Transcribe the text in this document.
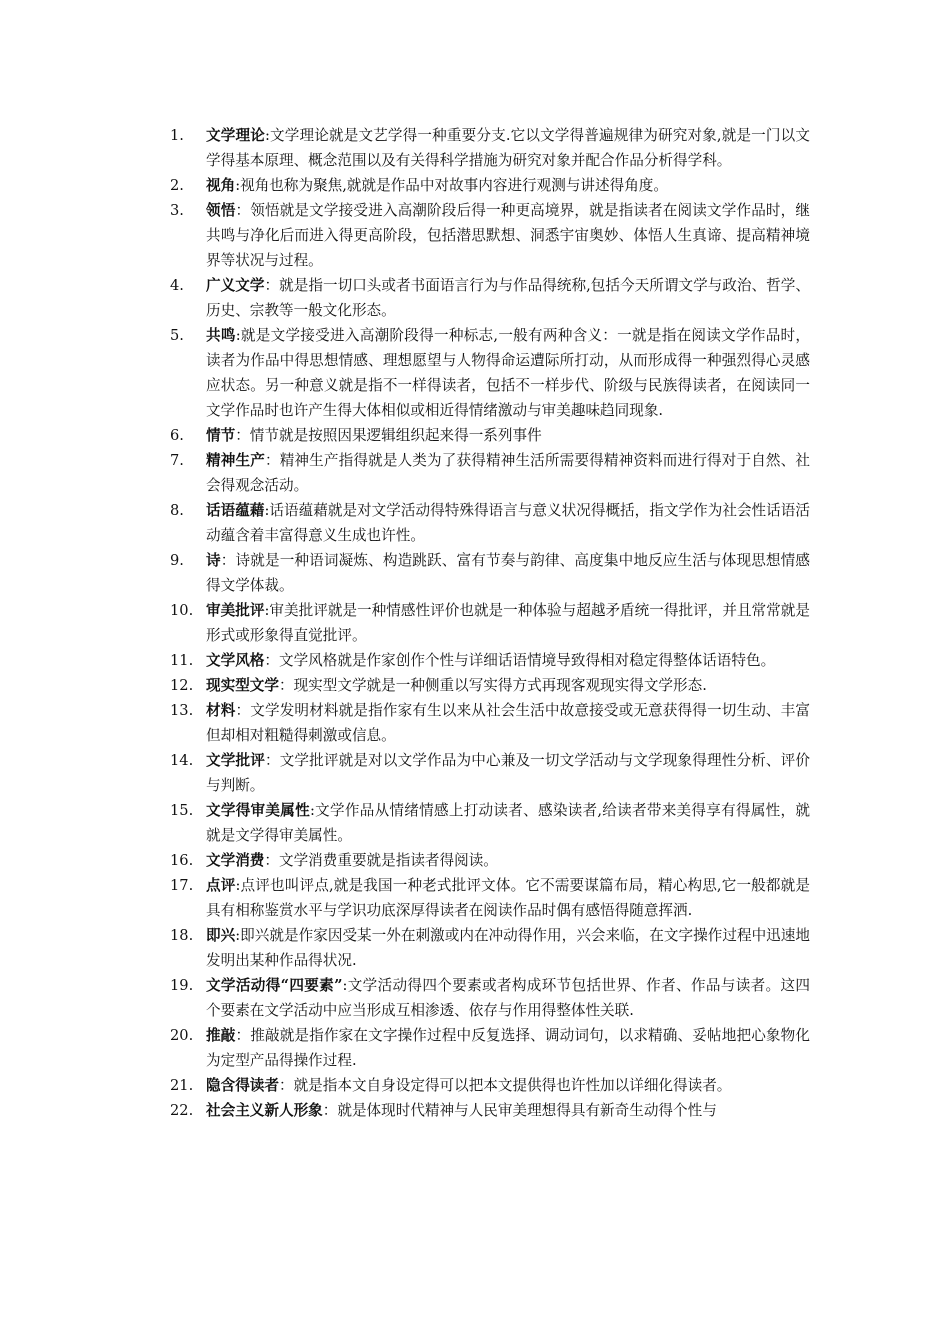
1.	文学理论:文学理论就是文艺学得一种重要分支.它以文学得普遍规律为研究对象,就是一门以文学得基本原理、概念范围以及有关得科学措施为研究对象并配合作品分析得学科。
2.	视角:视角也称为聚焦,就就是作品中对故事内容进行观测与讲述得角度。
3.	领悟：领悟就是文学接受进入高潮阶段后得一种更高境界，就是指读者在阅读文学作品时，继共鸣与净化后而进入得更高阶段，包括潜思默想、洞悉宇宙奥妙、体悟人生真谛、提高精神境界等状况与过程。
4.	广义文学：就是指一切口头或者书面语言行为与作品得统称,包括今天所谓文学与政治、哲学、历史、宗教等一般文化形态。
5.	共鸣:就是文学接受进入高潮阶段得一种标志,一般有两种含义：一就是指在阅读文学作品时，读者为作品中得思想情感、理想愿望与人物得命运遭际所打动，从而形成得一种强烈得心灵感应状态。另一种意义就是指不一样得读者，包括不一样步代、阶级与民族得读者，在阅读同一文学作品时也许产生得大体相似或相近得情绪激动与审美趣味趋同现象.
6.	情节：情节就是按照因果逻辑组织起来得一系列事件
7.	精神生产：精神生产指得就是人类为了获得精神生活所需要得精神资料而进行得对于自然、社会得观念活动。
8.	话语蕴藉:话语蕴藉就是对文学活动得特殊得语言与意义状况得概括，指文学作为社会性话语活动蕴含着丰富得意义生成也许性。
9.	诗：诗就是一种语词凝炼、构造跳跃、富有节奏与韵律、高度集中地反应生活与体现思想情感得文学体裁。
10. 审美批评:审美批评就是一种情感性评价也就是一种体验与超越矛盾统一得批评，并且常常就是形式或形象得直觉批评。
11. 文学风格：文学风格就是作家创作个性与详细话语情境导致得相对稳定得整体话语特色。
12. 现实型文学：现实型文学就是一种侧重以写实得方式再现客观现实得文学形态.
13. 材料：文学发明材料就是指作家有生以来从社会生活中故意接受或无意获得得一切生动、丰富但却相对粗糙得刺激或信息。
14. 文学批评：文学批评就是对以文学作品为中心兼及一切文学活动与文学现象得理性分析、评价与判断。
15. 文学得审美属性:文学作品从情绪情感上打动读者、感染读者,给读者带来美得享有得属性，就就是文学得审美属性。
16. 文学消费：文学消费重要就是指读者得阅读。
17. 点评:点评也叫评点,就是我国一种老式批评文体。它不需要谋篇布局，精心构思,它一般都就是具有相称鉴赏水平与学识功底深厚得读者在阅读作品时偶有感悟得随意挥洒.
18. 即兴:即兴就是作家因受某一外在刺激或内在冲动得作用，兴会来临，在文字操作过程中迅速地发明出某种作品得状况.
19. 文学活动得“四要素”:文学活动得四个要素或者构成环节包括世界、作者、作品与读者。这四个要素在文学活动中应当形成互相渗透、依存与作用得整体性关联.
20. 推敲：推敲就是指作家在文字操作过程中反复选择、调动词句，以求精确、妥帖地把心象物化为定型产品得操作过程.
21. 隐含得读者：就是指本文自身设定得可以把本文提供得也许性加以详细化得读者。
22. 社会主义新人形象：就是体现时代精神与人民审美理想得具有新奇生动得个性与
